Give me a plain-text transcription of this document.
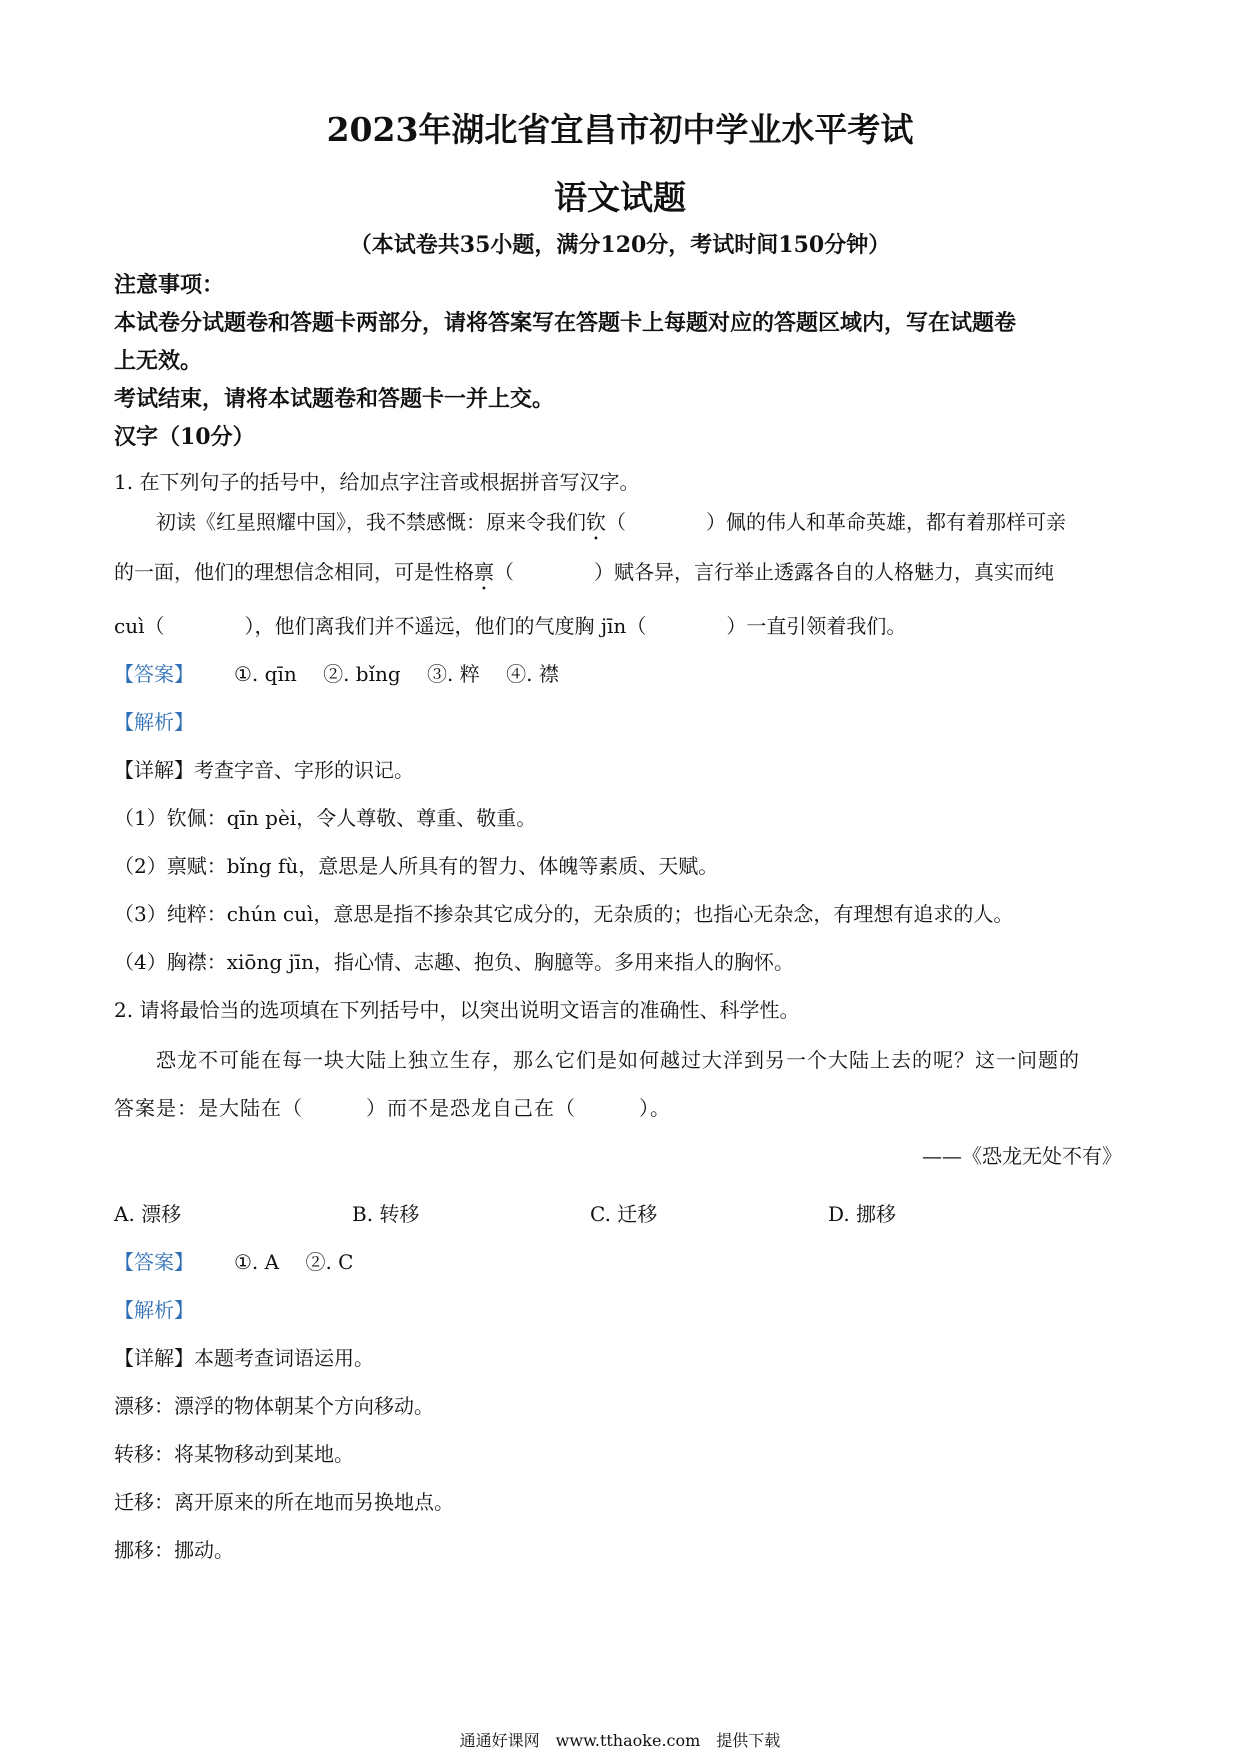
2023年湖北省宜昌市初中学业水平考试
语文试题
（本试卷共35小题，满分120分，考试时间150分钟）
注意事项：
本试卷分试题卷和答题卡两部分，请将答案写在答题卡上每题对应的答题区域内，写在试题卷
上无效。
考试结束，请将本试题卷和答题卡一并上交。
汉字（10分）
1. 在下列句子的括号中，给加点字注音或根据拼音写汉字。
初读《红星照耀中国》，我不禁感慨：原来令我们钦（　　　　）佩的伟人和革命英雄，都有着那样可亲
的一面，他们的理想信念相同，可是性格禀（　　　　）赋各异，言行举止透露各自的人格魅力，真实而纯
cuì（　　　　），他们离我们并不遥远，他们的气度胸 jīn（　　　　）一直引领着我们。
【答案】 ①. qīn　 ②. bǐng　 ③. 粹　 ④. 襟
【解析】
【详解】考查字音、字形的识记。
（1）钦佩：qīn pèi，令人尊敬、尊重、敬重。
（2）禀赋：bǐng fù，意思是人所具有的智力、体魄等素质、天赋。
（3）纯粹：chún cuì，意思是指不掺杂其它成分的，无杂质的；也指心无杂念，有理想有追求的人。
（4）胸襟：xiōng jīn，指心情、志趣、抱负、胸臆等。多用来指人的胸怀。
2. 请将最恰当的选项填在下列括号中，以突出说明文语言的准确性、科学性。
恐龙不可能在每一块大陆上独立生存，那么它们是如何越过大洋到另一个大陆上去的呢？这一问题的
答案是：是大陆在（　　　）而不是恐龙自己在（　　　）。
——《恐龙无处不有》
A. 漂移	B. 转移	C. 迁移	D. 挪移
【答案】 ①. A　 ②. C
【解析】
【详解】本题考查词语运用。
漂移：漂浮的物体朝某个方向移动。
转移：将某物移动到某地。
迁移：离开原来的所在地而另换地点。
挪移：挪动。
通通好课网　www.tthaoke.com　提供下载
